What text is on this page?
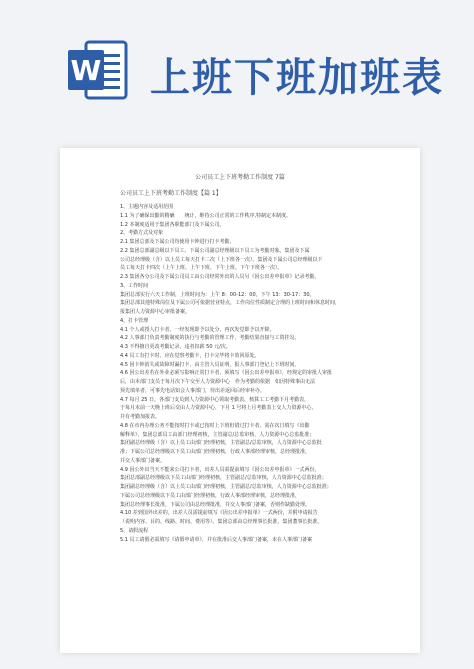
W 上班下班加班表
公司员工上下班考勤工作制度 7篇
公司员工上下班考勤工作制度【篇 1】
1、主题内容及适用范围
1.1 为了确保出勤的精确　　统计，维持公司正常的工作秩序,特制定本制度。
1.2 本制度适用于集团各职能部门及下属公司。
2、考勤方式及对象
2.1 集团总部及下属公司均使用卡钟进行打卡考勤。
2.2 集团总部副总级以下员工、下属公司副总经理级以下员工为考勤对象。集团及下属
公司总经理级（含）以上员工每天打卡二次（上下班各一次）。集团及下属公司总经理级以下
员工每天打卡四次（上午上班、上午下班、下午上班、下午下班各一次）。
2.3 集团各分公司及下属公司员工由公司经常外出的人员另《因公出差申报单》记录考勤。
3、工作时间
集团总部实行六天工作制，上班时间为：上午 8：00-12：00，下午 13：30-17：30。
集团总部其他特殊岗位及下属公司可依据营业特点，工作岗位性质制定合理的上班时间和休息时间，
报集团人力资源中心审批备案。
4、打卡管理
4.1 个人或授人打卡者，一经发现即予以处分，再次发觉即予以开除。
4.2 人事部门负责考勤制度的执行与考勤的管理工作，考勤结果直接与工资挂勾。
4.3 不得擅自更改考勤记录，违者扣薪 50 元/次。
4.4 员工有打卡时，应在觉察考勤卡，打卡完毕将卡放回原处。
4.5 因卡钟消失或故障时漏打卡，由主管人员证明，报人事部门登记上下班时间。
4.6 因公出差若在外业必须写影响正常打卡者，须填写《因公出差申报单》，经规定的审批人审批
后，由本部门支员于每月次下午交至人力资源中心　作为考勤的依据　如因特殊事由无法
预先填单者，可事先电话知会人事部门，待出差返回后经审补办。
4.7 每月 25 日，各部门支员到人力资源中心领取考勤表，核算工工考勤下月考勤表，
于每月末前一天晚上班后交由人力资源中心，下月 1 号将上月考勤表上交人力资源中心，
并有考勤加报表。
4.8 在市内办理公务不能按时打卡或已按时上下班但错过打卡者，需在次日填写《出勤
解释单》，集团总部员工由部门经理初核，主管副总/总监审核，人力资源中心总监批准；
集团副总经理级（含）以上员工由部门经理初核，主管副总/总监审核，人力资源中心总监批
准；下属公司总经理级以下员工由部门经理初核，行政人事部经理审核，总经理批准，
并交人事部门备案。
4.9 因公外出当天不能来公司打卡者，出差人员需提前填写《因公出差申报单》一式两份，
集团总部副总经理级以下员工由部门经理初核，主管副总/总监审核，人力资源中心总监批准；
集团副总经理级（含）以上员工由部门经理初核，主管副总/总监审核，人力资源中心总监批准；
下属公司总经理级以下员工由部门经理初核，行政人事部经理审核，总经理批准，
集团总经理事长批准，下属公司由总经理批准，并交人事部门备案，否则作缺勤处理。
4.10 差到国外出差的，出差人员需提前填写《因公出差申报单》一式两份，并附申请报告
（说明内容、目的、线路、时间、费用等）。集团总部由总经理事长批准，集团董事长批准。
5、请假流程
5.1 员工请假必需填写《请假申请单》，并在批准后交人事部门备案，未在人事部门备案
